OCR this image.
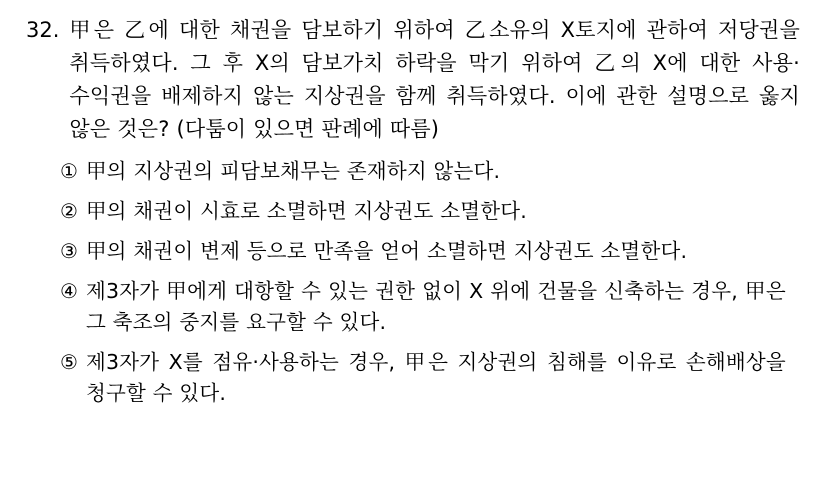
32. 甲은 乙에 대한 채권을 담보하기 위하여 乙소유의 X토지에 관하여 저당권을 취득하였다. 그 후 X의 담보가치 하락을 막기 위하여 乙의 X에 대한 사용·수익권을 배제하지 않는 지상권을 함께 취득하였다. 이에 관한 설명으로 옳지 않은 것은? (다툼이 있으면 판례에 따름)
① 甲의 지상권의 피담보채무는 존재하지 않는다.
② 甲의 채권이 시효로 소멸하면 지상권도 소멸한다.
③ 甲의 채권이 변제 등으로 만족을 얻어 소멸하면 지상권도 소멸한다.
④ 제3자가 甲에게 대항할 수 있는 권한 없이 X 위에 건물을 신축하는 경우, 甲은 그 축조의 중지를 요구할 수 있다.
⑤ 제3자가 X를 점유·사용하는 경우, 甲은 지상권의 침해를 이유로 손해배상을 청구할 수 있다.
